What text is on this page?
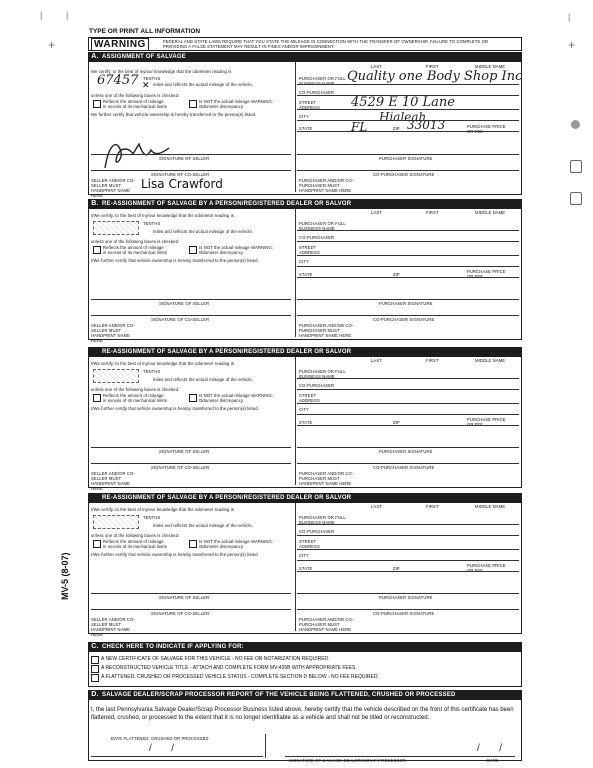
|	|
+
|
+
TYPE OR PRINT ALL INFORMATION
WARNING	FEDERAL AND STATE LAWS REQUIRE THAT YOU STATE THE MILEAGE IN CONNECTION WITH THE TRANSFER OF OWNERSHIP. FAILURE TO COMPLETE OR PROVIDING A FALSE STATEMENT MAY RESULT IN FINES AND/OR IMPRISONMENT.
A. ASSIGNMENT OF SALVAGE
We certify, to the best of my/our knowledge that the odometer reading is
67457 TENTHS
✕ miles and reflects the actual mileage of the vehicle,
unless one of the following boxes is checked:
Reflects the amount of mileage in excess of its mechanical limits
Is NOT the actual mileage WARNING: Odometer discrepancy
We further certify that vehicle ownership is hereby transferred to the person(s) listed.
LAST	FIRST	MIDDLE NAME
PURCHASER OR FULL BUSINESS NAME Quality one Body Shop Inc
CO-PURCHASER
STREET ADDRESS	4529 E 10 Lane
CITY	Hialeah
STATE	FL	ZIP 33013	PURCHASE PRICE OR FEE
SIGNATURE OF SELLER	PURCHASER SIGNATURE
SIGNATURE OF CO-SELLER	CO-PURCHASER SIGNATURE
SELLER AND/OR CO-SELLER MUST HANDPRINT NAME HERE
Lisa Crawford	PURCHASER AND/OR CO-PURCHASER MUST HANDPRINT NAME HERE
B. RE-ASSIGNMENT OF SALVAGE BY A PERSON/REGISTERED DEALER OR SALVOR
I/We certify, to the best of my/our knowledge that the odometer reading is
TENTHS
miles and reflects the actual mileage of the vehicle,
unless one of the following boxes is checked:
Reflects the amount of mileage in excess of its mechanical limits
Is NOT the actual mileage WARNING: Odometer discrepancy
I/We further certify that vehicle ownership is hereby transferred to the person(s) listed.
LAST	FIRST	MIDDLE NAME
PURCHASER OR FULL BUSINESS NAME
CO-PURCHASER
STREET ADDRESS
CITY
STATE	ZIP
PURCHASE PRICE OR FEE
SIGNATURE OF SELLER	PURCHASER SIGNATURE
SIGNATURE OF CO-SELLER	CO-PURCHASER SIGNATURE
SELLER AND/OR CO-SELLER MUST HANDPRINT NAME HERE
PURCHASER AND/OR CO-PURCHASER MUST HANDPRINT NAME HERE
RE-ASSIGNMENT OF SALVAGE BY A PERSON/REGISTERED DEALER OR SALVOR
I/We certify, to the best of my/our knowledge that the odometer reading is
TENTHS
miles and reflects the actual mileage of the vehicle,
unless one of the following boxes is checked:
Reflects the amount of mileage in excess of its mechanical limits
Is NOT the actual mileage WARNING: Odometer discrepancy
I/We further certify that vehicle ownership is hereby transferred to the person(s) listed.
LAST	FIRST	MIDDLE NAME
PURCHASER OR FULL BUSINESS NAME
CO-PURCHASER
STREET ADDRESS
CITY
STATE	ZIP
PURCHASE PRICE OR FEE
SIGNATURE OF SELLER	PURCHASER SIGNATURE
SIGNATURE OF CO-SELLER	CO-PURCHASER SIGNATURE
SELLER AND/OR CO-SELLER MUST HANDPRINT NAME HERE
PURCHASER AND/OR CO-PURCHASER MUST HANDPRINT NAME HERE
RE-ASSIGNMENT OF SALVAGE BY A PERSON/REGISTERED DEALER OR SALVOR
I/We certify, to the best of my/our knowledge that the odometer reading is
TENTHS
miles and reflects the actual mileage of the vehicle,
unless one of the following boxes is checked:
Reflects the amount of mileage in excess of its mechanical limits
Is NOT the actual mileage WARNING: Odometer discrepancy
I/We further certify that vehicle ownership is hereby transferred to the person(s) listed.
LAST	FIRST	MIDDLE NAME
PURCHASER OR FULL BUSINESS NAME
CO-PURCHASER
STREET ADDRESS
CITY
STATE	ZIP
PURCHASE PRICE OR FEE
SIGNATURE OF SELLER	PURCHASER SIGNATURE
SIGNATURE OF CO-SELLER	CO-PURCHASER SIGNATURE
SELLER AND/OR CO-SELLER MUST HANDPRINT NAME HERE
PURCHASER AND/OR CO-PURCHASER MUST HANDPRINT NAME HERE
MV-5 (8-07)
C. CHECK HERE TO INDICATE IF APPLYING FOR:
A NEW CERTIFICATE OF SALVAGE FOR THIS VEHICLE - NO FEE OR NOTARIZATION REQUIRED.
A RECONSTRUCTED VEHICLE TITLE - ATTACH AND COMPLETE FORM MV-426B WITH APPROPRIATE FEES.
A FLATTENED, CRUSHED OR PROCESSED VEHICLE STATUS - COMPLETE SECTION D BELOW - NO FEE REQUIRED.
D. SALVAGE DEALER/SCRAP PROCESSOR REPORT OF THE VEHICLE BEING FLATTENED, CRUSHED OR PROCESSED
I, the last Pennsylvania Salvage Dealer/Scrap Processor Business listed above, hereby certify that the vehicle described on the front of this certificate has been flattened, crushed, or processed to the extent that it is no longer identifiable as a vehicle and shall not be titled or reconstructed.
DATE FLATTENED, CRUSHED OR PROCESSED
/       /
SIGNATURE OF SALVAGE DEALER/SCRAP PROCESSOR
/       /
DATE
